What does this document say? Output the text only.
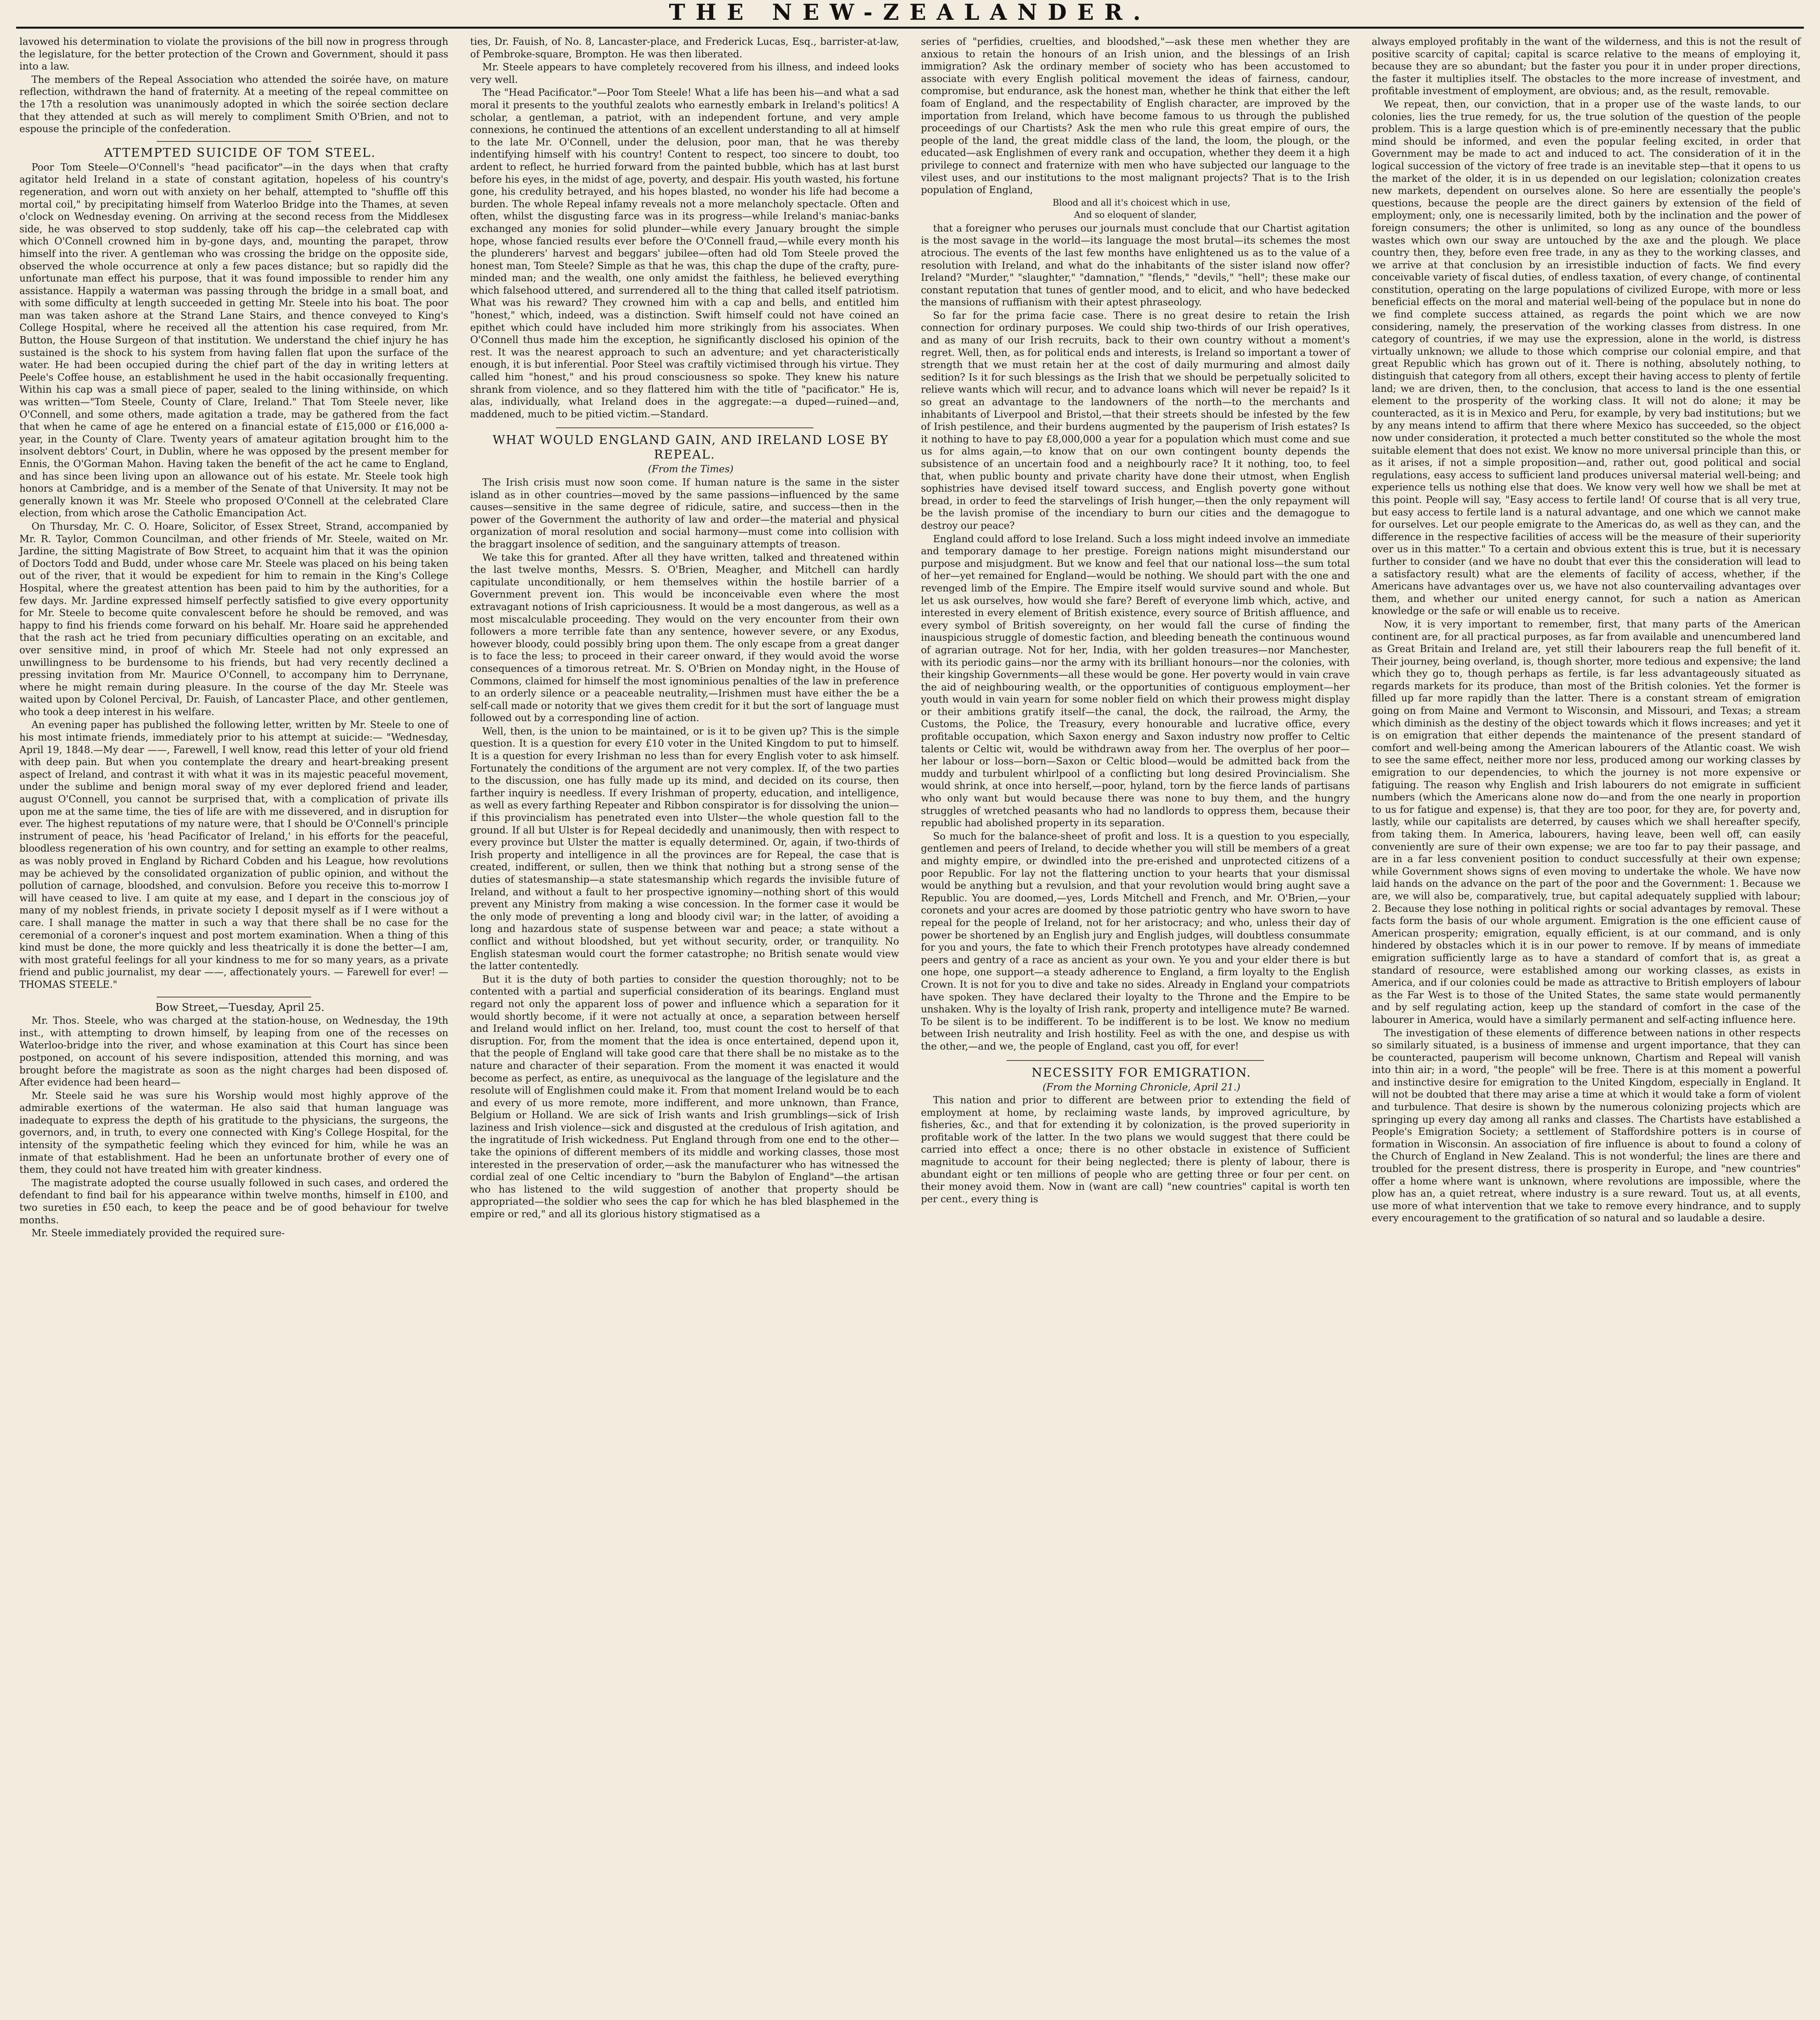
THE NEW-ZEALANDER.

lavowed his determination to violate the provisions of the bill now in progress through the legislature, for the better protection of the Crown and Government, should it pass into a law.

The members of the Repeal Association who attended the soirée have, on mature reflection, withdrawn the hand of fraternity. At a meeting of the repeal committee on the 17th a resolution was unanimously adopted in which the soirée section declare that they attended at such as will merely to compliment Smith O'Brien, and not to espouse the principle of the confederation.

ATTEMPTED SUICIDE OF TOM STEEL.

Poor Tom Steele—O'Connell's "head pacificator"—in the days when that crafty agitator held Ireland in a state of constant agitation, hopeless of his country's regeneration, and worn out with anxiety on her behalf, attempted to "shuffle off this mortal coil," by precipitating himself from Waterloo Bridge into the Thames, at seven o'clock on Wednesday evening. On arriving at the second recess from the Middlesex side, he was observed to stop suddenly, take off his cap—the celebrated cap with which O'Connell crowned him in by-gone days, and, mounting the parapet, throw himself into the river. A gentleman who was crossing the bridge on the opposite side, observed the whole occurrence at only a few paces distance; but so rapidly did the unfortunate man effect his purpose, that it was found impossible to render him any assistance. Happily a waterman was passing through the bridge in a small boat, and with some difficulty at length succeeded in getting Mr. Steele into his boat. The poor man was taken ashore at the Strand Lane Stairs, and thence conveyed to King's College Hospital, where he received all the attention his case required, from Mr. Button, the House Surgeon of that institution. We understand the chief injury he has sustained is the shock to his system from having fallen flat upon the surface of the water. He had been occupied during the chief part of the day in writing letters at Peele's Coffee house, an establishment he used in the habit occasionally frequenting. Within his cap was a small piece of paper, sealed to the lining withinside, on which was written—"Tom Steele, County of Clare, Ireland." That Tom Steele never, like O'Connell, and some others, made agitation a trade, may be gathered from the fact that when he came of age he entered on a financial estate of £15,000 or £16,000 a-year, in the County of Clare. Twenty years of amateur agitation brought him to the insolvent debtors' Court, in Dublin, where he was opposed by the present member for Ennis, the O'Gorman Mahon. Having taken the benefit of the act he came to England, and has since been living upon an allowance out of his estate. Mr. Steele took high honors at Cambridge, and is a member of the Senate of that University. It may not be generally known it was Mr. Steele who proposed O'Connell at the celebrated Clare election, from which arose the Catholic Emancipation Act.

On Thursday, Mr. C. O. Hoare, Solicitor, of Essex Street, Strand, accompanied by Mr. R. Taylor, Common Councilman, and other friends of Mr. Steele, waited on Mr. Jardine, the sitting Magistrate of Bow Street, to acquaint him that it was the opinion of Doctors Todd and Budd, under whose care Mr. Steele was placed on his being taken out of the river, that it would be expedient for him to remain in the King's College Hospital, where the greatest attention has been paid to him by the authorities, for a few days. Mr. Jardine expressed himself perfectly satisfied to give every opportunity for Mr. Steele to become quite convalescent before he should be removed, and was happy to find his friends come forward on his behalf. Mr. Hoare said he apprehended that the rash act he tried from pecuniary difficulties operating on an excitable, and over sensitive mind, in proof of which Mr. Steele had not only expressed an unwillingness to be burdensome to his friends, but had very recently declined a pressing invitation from Mr. Maurice O'Connell, to accompany him to Derrynane, where he might remain during pleasure. In the course of the day Mr. Steele was waited upon by Colonel Percival, Dr. Fauish, of Lancaster Place, and other gentlemen, who took a deep interest in his welfare.

An evening paper has published the following letter, written by Mr. Steele to one of his most intimate friends, immediately prior to his attempt at suicide:— "Wednesday, April 19, 1848.—My dear ——, Farewell, I well know, read this letter of your old friend with deep pain. But when you contemplate the dreary and heart-breaking present aspect of Ireland, and contrast it with what it was in its majestic peaceful movement, under the sublime and benign moral sway of my ever deplored friend and leader, august O'Connell, you cannot be surprised that, with a complication of private ills upon me at the same time, the ties of life are with me dissevered, and in disruption for ever. The highest reputations of my nature were, that I should be O'Connell's principle instrument of peace, his 'head Pacificator of Ireland,' in his efforts for the peaceful, bloodless regeneration of his own country, and for setting an example to other realms, as was nobly proved in England by Richard Cobden and his League, how revolutions may be achieved by the consolidated organization of public opinion, and without the pollution of carnage, bloodshed, and convulsion. Before you receive this to-morrow I will have ceased to live. I am quite at my ease, and I depart in the conscious joy of many of my noblest friends, in private society I deposit myself as if I were without a care. I shall manage the matter in such a way that there shall be no case for the ceremonial of a coroner's inquest and post mortem examination. When a thing of this kind must be done, the more quickly and less theatrically it is done the better—I am, with most grateful feelings for all your kindness to me for so many years, as a private friend and public journalist, my dear ——, affectionately yours. — Farewell for ever! — THOMAS STEELE."

Bow Street,—Tuesday, April 25.

Mr. Thos. Steele, who was charged at the station-house, on Wednesday, the 19th inst., with attempting to drown himself, by leaping from one of the recesses on Waterloo-bridge into the river, and whose examination at this Court has since been postponed, on account of his severe indisposition, attended this morning, and was brought before the magistrate as soon as the night charges had been disposed of. After evidence had been heard—

Mr. Steele said he was sure his Worship would most highly approve of the admirable exertions of the waterman. He also said that human language was inadequate to express the depth of his gratitude to the physicians, the surgeons, the governors, and, in truth, to every one connected with King's College Hospital, for the intensity of the sympathetic feeling which they evinced for him, while he was an inmate of that establishment. Had he been an unfortunate brother of every one of them, they could not have treated him with greater kindness.

The magistrate adopted the course usually followed in such cases, and ordered the defendant to find bail for his appearance within twelve months, himself in £100, and two sureties in £50 each, to keep the peace and be of good behaviour for twelve months.

Mr. Steele immediately provided the required sure-

ties, Dr. Fauish, of No. 8, Lancaster-place, and Frederick Lucas, Esq., barrister-at-law, of Pembroke-square, Brompton. He was then liberated.

Mr. Steele appears to have completely recovered from his illness, and indeed looks very well.

The "Head Pacificator."—Poor Tom Steele! What a life has been his—and what a sad moral it presents to the youthful zealots who earnestly embark in Ireland's politics! A scholar, a gentleman, a patriot, with an independent fortune, and very ample connexions, he continued the attentions of an excellent understanding to all at himself to the late Mr. O'Connell, under the delusion, poor man, that he was thereby indentifying himself with his country! Content to respect, too sincere to doubt, too ardent to reflect, he hurried forward from the painted bubble, which has at last burst before his eyes, in the midst of age, poverty, and despair. His youth wasted, his fortune gone, his credulity betrayed, and his hopes blasted, no wonder his life had become a burden. The whole Repeal infamy reveals not a more melancholy spectacle. Often and often, whilst the disgusting farce was in its progress—while Ireland's maniac-banks exchanged any monies for solid plunder—while every January brought the simple hope, whose fancied results ever before the O'Connell fraud,—while every month his the plunderers' harvest and beggars' jubilee—often had old Tom Steele proved the honest man, Tom Steele? Simple as that he was, this chap the dupe of the crafty, pure-minded man; and the wealth, one only amidst the faithless, he believed everything which falsehood uttered, and surrendered all to the thing that called itself patriotism. What was his reward? They crowned him with a cap and bells, and entitled him "honest," which, indeed, was a distinction. Swift himself could not have coined an epithet which could have included him more strikingly from his associates. When O'Connell thus made him the exception, he significantly disclosed his opinion of the rest. It was the nearest approach to such an adventure; and yet characteristically enough, it is but inferential. Poor Steel was craftily victimised through his virtue. They called him "honest," and his proud consciousness so spoke. They knew his nature shrank from violence, and so they flattered him with the title of "pacificator." He is, alas, individually, what Ireland does in the aggregate:—a duped—ruined—and, maddened, much to be pitied victim.—Standard.

WHAT WOULD ENGLAND GAIN, AND IRELAND LOSE BY REPEAL.

(From the Times)

The Irish crisis must now soon come. If human nature is the same in the sister island as in other countries—moved by the same passions—influenced by the same causes—sensitive in the same degree of ridicule, satire, and success—then in the power of the Government the authority of law and order—the material and physical organization of moral resolution and social harmony—must come into collision with the braggart insolence of sedition, and the sanguinary attempts of treason.

We take this for granted. After all they have written, talked and threatened within the last twelve months, Messrs. S. O'Brien, Meagher, and Mitchell can hardly capitulate unconditionally, or hem themselves within the hostile barrier of a Government prevent ion. This would be inconceivable even where the most extravagant notions of Irish capriciousness. It would be a most dangerous, as well as a most miscalculable proceeding. They would on the very encounter from their own followers a more terrible fate than any sentence, however severe, or any Exodus, however bloody, could possibly bring upon them. The only escape from a great danger is to face the less; to proceed in their career onward, if they would avoid the worse consequences of a timorous retreat. Mr. S. O'Brien on Monday night, in the House of Commons, claimed for himself the most ignominious penalties of the law in preference to an orderly silence or a peaceable neutrality,—Irishmen must have either the be a self-call made or notority that we gives them credit for it but the sort of language must followed out by a corresponding line of action.

Well, then, is the union to be maintained, or is it to be given up? This is the simple question. It is a question for every £10 voter in the United Kingdom to put to himself. It is a question for every Irishman no less than for every English voter to ask himself. Fortunately the conditions of the argument are not very complex. If, of the two parties to the discussion, one has fully made up its mind, and decided on its course, then farther inquiry is needless. If every Irishman of property, education, and intelligence, as well as every farthing Repeater and Ribbon conspirator is for dissolving the union—if this provincialism has penetrated even into Ulster—the whole question fall to the ground. If all but Ulster is for Repeal decidedly and unanimously, then with respect to every province but Ulster the matter is equally determined. Or, again, if two-thirds of Irish property and intelligence in all the provinces are for Repeal, the case that is created, indifferent, or sullen, then we think that nothing but a strong sense of the duties of statesmanship—a state statesmanship which regards the invisible future of Ireland, and without a fault to her prospective ignominy—nothing short of this would prevent any Ministry from making a wise concession. In the former case it would be the only mode of preventing a long and bloody civil war; in the latter, of avoiding a long and hazardous state of suspense between war and peace; a state without a conflict and without bloodshed, but yet without security, order, or tranquility. No English statesman would court the former catastrophe; no British senate would view the latter contentedly.

But it is the duty of both parties to consider the question thoroughly; not to be contented with a partial and superficial consideration of its bearings. England must regard not only the apparent loss of power and influence which a separation for it would shortly become, if it were not actually at once, a separation between herself and Ireland would inflict on her. Ireland, too, must count the cost to herself of that disruption. For, from the moment that the idea is once entertained, depend upon it, that the people of England will take good care that there shall be no mistake as to the nature and character of their separation. From the moment it was enacted it would become as perfect, as entire, as unequivocal as the language of the legislature and the resolute will of Englishmen could make it. From that moment Ireland would be to each and every of us more remote, more indifferent, and more unknown, than France, Belgium or Holland. We are sick of Irish wants and Irish grumblings—sick of Irish laziness and Irish violence—sick and disgusted at the credulous of Irish agitation, and the ingratitude of Irish wickedness. Put England through from one end to the other—take the opinions of different members of its middle and working classes, those most interested in the preservation of order,—ask the manufacturer who has witnessed the cordial zeal of one Celtic incendiary to "burn the Babylon of England"—the artisan who has listened to the wild suggestion of another that property should be appropriated—the soldier who sees the cap for which he has bled blasphemed in the empire or red," and all its glorious history stigmatised as a

series of "perfidies, cruelties, and bloodshed,"—ask these men whether they are anxious to retain the honours of an Irish union, and the blessings of an Irish immigration? Ask the ordinary member of society who has been accustomed to associate with every English political movement the ideas of fairness, candour, compromise, but endurance, ask the honest man, whether he think that either the left foam of England, and the respectability of English character, are improved by the importation from Ireland, which have become famous to us through the published proceedings of our Chartists? Ask the men who rule this great empire of ours, the people of the land, the great middle class of the land, the loom, the plough, or the educated—ask Englishmen of every rank and occupation, whether they deem it a high privilege to connect and fraternize with men who have subjected our language to the vilest uses, and our institutions to the most malignant projects? That is to the Irish population of England,

Blood and all it's choicest which in use,
And so eloquent of slander,

that a foreigner who peruses our journals must conclude that our Chartist agitation is the most savage in the world—its language the most brutal—its schemes the most atrocious. The events of the last few months have enlightened us as to the value of a resolution with Ireland, and what do the inhabitants of the sister island now offer? Ireland? "Murder," "slaughter," "damnation," "flends," "devils," "hell"; these make our constant reputation that tunes of gentler mood, and to elicit, and who have bedecked the mansions of ruffianism with their aptest phraseology.

So far for the prima facie case. There is no great desire to retain the Irish connection for ordinary purposes. We could ship two-thirds of our Irish operatives, and as many of our Irish recruits, back to their own country without a moment's regret. Well, then, as for political ends and interests, is Ireland so important a tower of strength that we must retain her at the cost of daily murmuring and almost daily sedition? Is it for such blessings as the Irish that we should be perpetually solicited to relieve wants which will recur, and to advance loans which will never be repaid? Is it so great an advantage to the landowners of the north—to the merchants and inhabitants of Liverpool and Bristol,—that their streets should be infested by the few of Irish pestilence, and their burdens augmented by the pauperism of Irish estates? Is it nothing to have to pay £8,000,000 a year for a population which must come and sue us for alms again,—to know that on our own contingent bounty depends the subsistence of an uncertain food and a neighbourly race? It it nothing, too, to feel that, when public bounty and private charity have done their utmost, when English sophistries have devised itself toward success, and English poverty gone without bread, in order to feed the starvelings of Irish hunger,—then the only repayment will be the lavish promise of the incendiary to burn our cities and the demagogue to destroy our peace?

England could afford to lose Ireland. Such a loss might indeed involve an immediate and temporary damage to her prestige. Foreign nations might misunderstand our purpose and misjudgment. But we know and feel that our national loss—the sum total of her—yet remained for England—would be nothing. We should part with the one and revenged limb of the Empire. The Empire itself would survive sound and whole. But let us ask ourselves, how would she fare? Bereft of everyone limb which, active, and interested in every element of British existence, every source of British affluence, and every symbol of British sovereignty, on her would fall the curse of finding the inauspicious struggle of domestic faction, and bleeding beneath the continuous wound of agrarian outrage. Not for her, India, with her golden treasures—nor Manchester, with its periodic gains—nor the army with its brilliant honours—nor the colonies, with their kingship Governments—all these would be gone. Her poverty would in vain crave the aid of neighbouring wealth, or the opportunities of contiguous employment—her youth would in vain yearn for some nobler field on which their prowess might display or their ambitions gratify itself—the canal, the dock, the railroad, the Army, the Customs, the Police, the Treasury, every honourable and lucrative office, every profitable occupation, which Saxon energy and Saxon industry now proffer to Celtic talents or Celtic wit, would be withdrawn away from her. The overplus of her poor—her labour or loss—born—Saxon or Celtic blood—would be admitted back from the muddy and turbulent whirlpool of a conflicting but long desired Provincialism. She would shrink, at once into herself,—poor, hyland, torn by the fierce lands of partisans who only want but would because there was none to buy them, and the hungry struggles of wretched peasants who had no landlords to oppress them, because their republic had abolished property in its separation.

So much for the balance-sheet of profit and loss. It is a question to you especially, gentlemen and peers of Ireland, to decide whether you will still be members of a great and mighty empire, or dwindled into the pre-erished and unprotected citizens of a poor Republic. For lay not the flattering unction to your hearts that your dismissal would be anything but a revulsion, and that your revolution would bring aught save a Republic. You are doomed,—yes, Lords Mitchell and French, and Mr. O'Brien,—your coronets and your acres are doomed by those patriotic gentry who have sworn to have repeal for the people of Ireland, not for her aristocracy; and who, unless their day of power be shortened by an English jury and English judges, will doubtless consummate for you and yours, the fate to which their French prototypes have already condemned peers and gentry of a race as ancient as your own. Ye you and your elder there is but one hope, one support—a steady adherence to England, a firm loyalty to the English Crown. It is not for you to dive and take no sides. Already in England your compatriots have spoken. They have declared their loyalty to the Throne and the Empire to be unshaken. Why is the loyalty of Irish rank, property and intelligence mute? Be warned. To be silent is to be indifferent. To be indifferent is to be lost. We know no medium between Irish neutrality and Irish hostility. Feel as with the one, and despise us with the other,—and we, the people of England, cast you off, for ever!

NECESSITY FOR EMIGRATION.

(From the Morning Chronicle, April 21.)

This nation and prior to different are between prior to extending the field of employment at home, by reclaiming waste lands, by improved agriculture, by fisheries, &c., and that for extending it by colonization, is the proved superiority in profitable work of the latter. In the two plans we would suggest that there could be carried into effect a once; there is no other obstacle in existence of Sufficient magnitude to account for their being neglected; there is plenty of labour, there is abundant eight or ten millions of people who are getting three or four per cent. on their money avoid them. Now in (want are call) "new countries" capital is worth ten per cent., every thing is

always employed profitably in the want of the wilderness, and this is not the result of positive scarcity of capital; capital is scarce relative to the means of employing it, because they are so abundant; but the faster you pour it in under proper directions, the faster it multiplies itself. The obstacles to the more increase of investment, and profitable investment of employment, are obvious; and, as the result, removable.

We repeat, then, our conviction, that in a proper use of the waste lands, to our colonies, lies the true remedy, for us, the true solution of the question of the people problem. This is a large question which is of pre-eminently necessary that the public mind should be informed, and even the popular feeling excited, in order that Government may be made to act and induced to act. The consideration of it in the logical succession of the victory of free trade is an inevitable step—that it opens to us the market of the older, it is in us depended on our legislation; colonization creates new markets, dependent on ourselves alone. So here are essentially the people's questions, because the people are the direct gainers by extension of the field of employment; only, one is necessarily limited, both by the inclination and the power of foreign consumers; the other is unlimited, so long as any ounce of the boundless wastes which own our sway are untouched by the axe and the plough. We place country then, they, before even free trade, in any as they to the working classes, and we arrive at that conclusion by an irresistible induction of facts. We find every conceivable variety of fiscal duties, of endless taxation, of every change, of continental constitution, operating on the large populations of civilized Europe, with more or less beneficial effects on the moral and material well-being of the populace but in none do we find complete success attained, as regards the point which we are now considering, namely, the preservation of the working classes from distress. In one category of countries, if we may use the expression, alone in the world, is distress virtually unknown; we allude to those which comprise our colonial empire, and that great Republic which has grown out of it. There is nothing, absolutely nothing, to distinguish that category from all others, except their having access to plenty of fertile land; we are driven, then, to the conclusion, that access to land is the one essential element to the prosperity of the working class. It will not do alone; it may be counteracted, as it is in Mexico and Peru, for example, by very bad institutions; but we by any means intend to affirm that there where Mexico has succeeded, so the object now under consideration, it protected a much better constituted so the whole the most suitable element that does not exist. We know no more universal principle than this, or as it arises, if not a simple proposition—and, rather out, good political and social regulations, easy access to sufficient land produces universal material well-being; and experience tells us nothing else that does. We know very well how we shall be met at this point. People will say, "Easy access to fertile land! Of course that is all very true, but easy access to fertile land is a natural advantage, and one which we cannot make for ourselves. Let our people emigrate to the Americas do, as well as they can, and the difference in the respective facilities of access will be the measure of their superiority over us in this matter." To a certain and obvious extent this is true, but it is necessary further to consider (and we have no doubt that ever this the consideration will lead to a satisfactory result) what are the elements of facility of access, whether, if the Americans have advantages over us, we have not also countervailing advantages over them, and whether our united energy cannot, for such a nation as American knowledge or the safe or will enable us to receive.

Now, it is very important to remember, first, that many parts of the American continent are, for all practical purposes, as far from available and unencumbered land as Great Britain and Ireland are, yet still their labourers reap the full benefit of it. Their journey, being overland, is, though shorter, more tedious and expensive; the land which they go to, though perhaps as fertile, is far less advantageously situated as regards markets for its produce, than most of the British colonies. Yet the former is filled up far more rapidly than the latter. There is a constant stream of emigration going on from Maine and Vermont to Wisconsin, and Missouri, and Texas; a stream which diminish as the destiny of the object towards which it flows increases; and yet it is on emigration that either depends the maintenance of the present standard of comfort and well-being among the American labourers of the Atlantic coast. We wish to see the same effect, neither more nor less, produced among our working classes by emigration to our dependencies, to which the journey is not more expensive or fatiguing. The reason why English and Irish labourers do not emigrate in sufficient numbers (which the Americans alone now do—and from the one nearly in proportion to us for fatigue and expense) is, that they are too poor, for they are, for poverty and, lastly, while our capitalists are deterred, by causes which we shall hereafter specify, from taking them. In America, labourers, having leave, been well off, can easily conveniently are sure of their own expense; we are too far to pay their passage, and are in a far less convenient position to conduct successfully at their own expense; while Government shows signs of even moving to undertake the whole. We have now laid hands on the advance on the part of the poor and the Government: 1. Because we are, we will also be, comparatively, true, but capital adequately supplied with labour; 2. Because they lose nothing in political rights or social advantages by removal. These facts form the basis of our whole argument. Emigration is the one efficient cause of American prosperity; emigration, equally efficient, is at our command, and is only hindered by obstacles which it is in our power to remove. If by means of immediate emigration sufficiently large as to have a standard of comfort that is, as great a standard of resource, were established among our working classes, as exists in America, and if our colonies could be made as attractive to British employers of labour as the Far West is to those of the United States, the same state would permanently and by self regulating action, keep up the standard of comfort in the case of the labourer in America, would have a similarly permanent and self-acting influence here.

The investigation of these elements of difference between nations in other respects so similarly situated, is a business of immense and urgent importance, that they can be counteracted, pauperism will become unknown, Chartism and Repeal will vanish into thin air; in a word, "the people" will be free. There is at this moment a powerful and instinctive desire for emigration to the United Kingdom, especially in England. It will not be doubted that there may arise a time at which it would take a form of violent and turbulence. That desire is shown by the numerous colonizing projects which are springing up every day among all ranks and classes. The Chartists have established a People's Emigration Society; a settlement of Staffordshire potters is in course of formation in Wisconsin. An association of fire influence is about to found a colony of the Church of England in New Zealand. This is not wonderful; the lines are there and troubled for the present distress, there is prosperity in Europe, and "new countries" offer a home where want is unknown, where revolutions are impossible, where the plow has an, a quiet retreat, where industry is a sure reward. Tout us, at all events, use more of what intervention that we take to remove every hindrance, and to supply every encouragement to the gratification of so natural and so laudable a desire.
